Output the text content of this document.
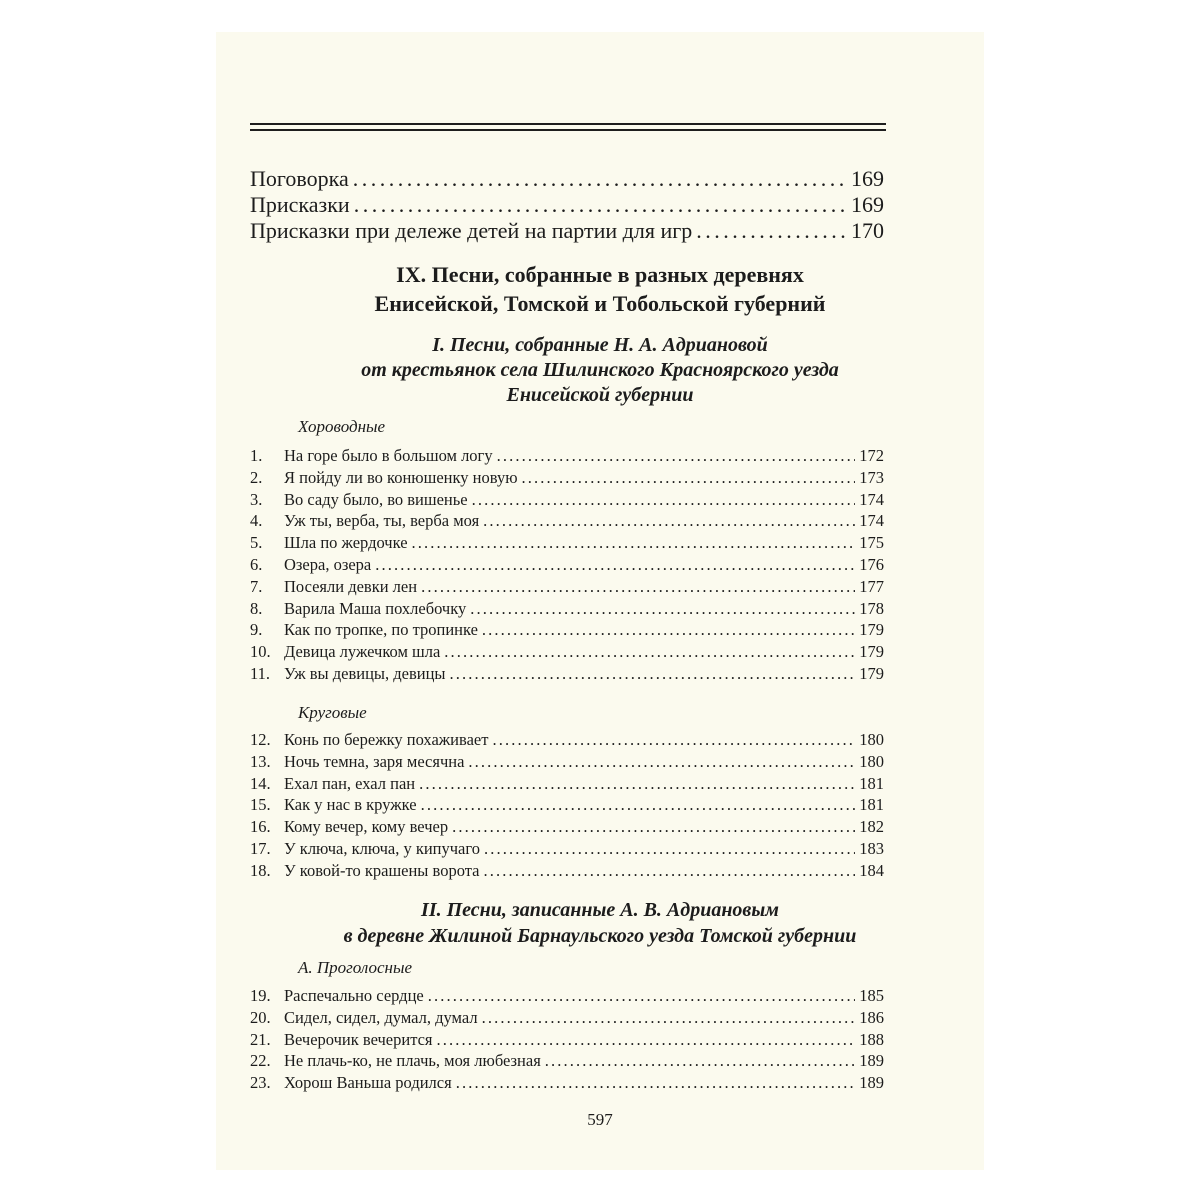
Поговорка . . .	169
Присказки . . .	169
Присказки при дележе детей на партии для игр . . .	170
IX. Песни, собранные в разных деревнях
Енисейской, Томской и Тобольской губерний
I. Песни, собранные Н. А. Адриановой
от крестьянок села Шилинского Красноярского уезда
Енисейской губернии
Хороводные
1.	На горе было в большом логу . . .	172
2.	Я пойду ли во конюшенку новую . . .	173
3.	Во саду было, во вишенье . . .	174
4.	Уж ты, верба, ты, верба моя . . .	174
5.	Шла по жердочке . . .	175
6.	Озера, озера . . .	176
7.	Посеяли девки лен . . .	177
8.	Варила Маша похлебочку . . .	178
9.	Как по тропке, по тропинке . . .	179
10. Девица лужечком шла . . .	179
11. Уж вы девицы, девицы . . .	179
Круговые
12. Конь по бережку похаживает . . .	180
13. Ночь темна, заря месячна . . .	180
14. Ехал пан, ехал пан . . .	181
15. Как у нас в кружке . . .	181
16. Кому вечер, кому вечер . . .	182
17. У ключа, ключа, у кипучаго . . .	183
18. У ковой-то крашены ворота . . .	184
II. Песни, записанные А. В. Адриановым
в деревне Жилиной Барнаульского уезда Томской губернии
А. Проголосные
19. Распечально сердце . . .	185
20. Сидел, сидел, думал, думал . . .	186
21. Вечерочик вечерится . . .	188
22. Не плачь-ко, не плачь, моя любезная . . .	189
23. Хорош Ваньша родился . . .	189
597
